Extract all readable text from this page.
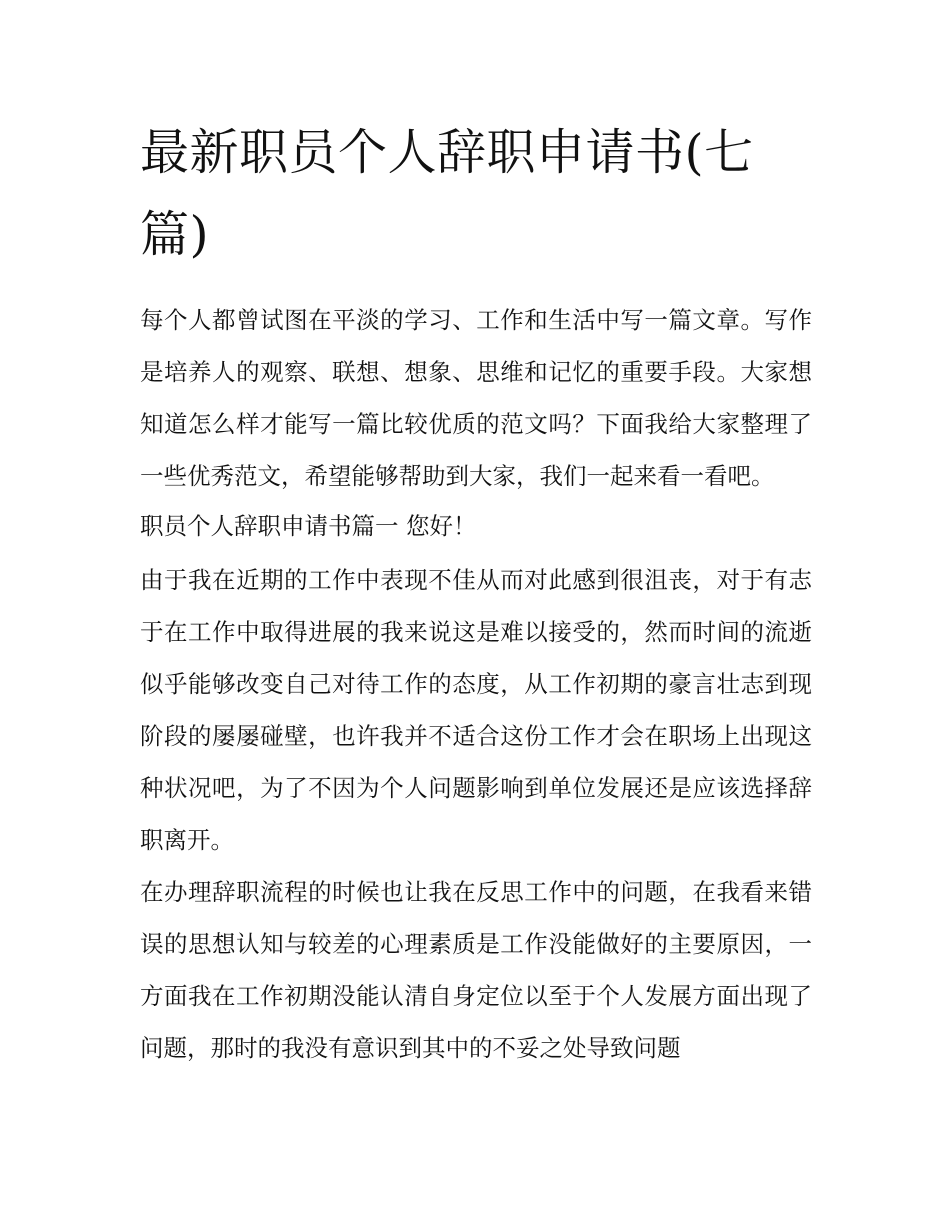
最新职员个人辞职申请书(七篇)

每个人都曾试图在平淡的学习、工作和生活中写一篇文章。写作是培养人的观察、联想、想象、思维和记忆的重要手段。大家想知道怎么样才能写一篇比较优质的范文吗？下面我给大家整理了一些优秀范文，希望能够帮助到大家，我们一起来看一看吧。

职员个人辞职申请书篇一 您好！

由于我在近期的工作中表现不佳从而对此感到很沮丧，对于有志于在工作中取得进展的我来说这是难以接受的，然而时间的流逝似乎能够改变自己对待工作的态度，从工作初期的豪言壮志到现阶段的屡屡碰壁，也许我并不适合这份工作才会在职场上出现这种状况吧，为了不因为个人问题影响到单位发展还是应该选择辞职离开。

在办理辞职流程的时候也让我在反思工作中的问题，在我看来错误的思想认知与较差的心理素质是工作没能做好的主要原因，一方面我在工作初期没能认清自身定位以至于个人发展方面出现了问题，那时的我没有意识到其中的不妥之处导致问题
